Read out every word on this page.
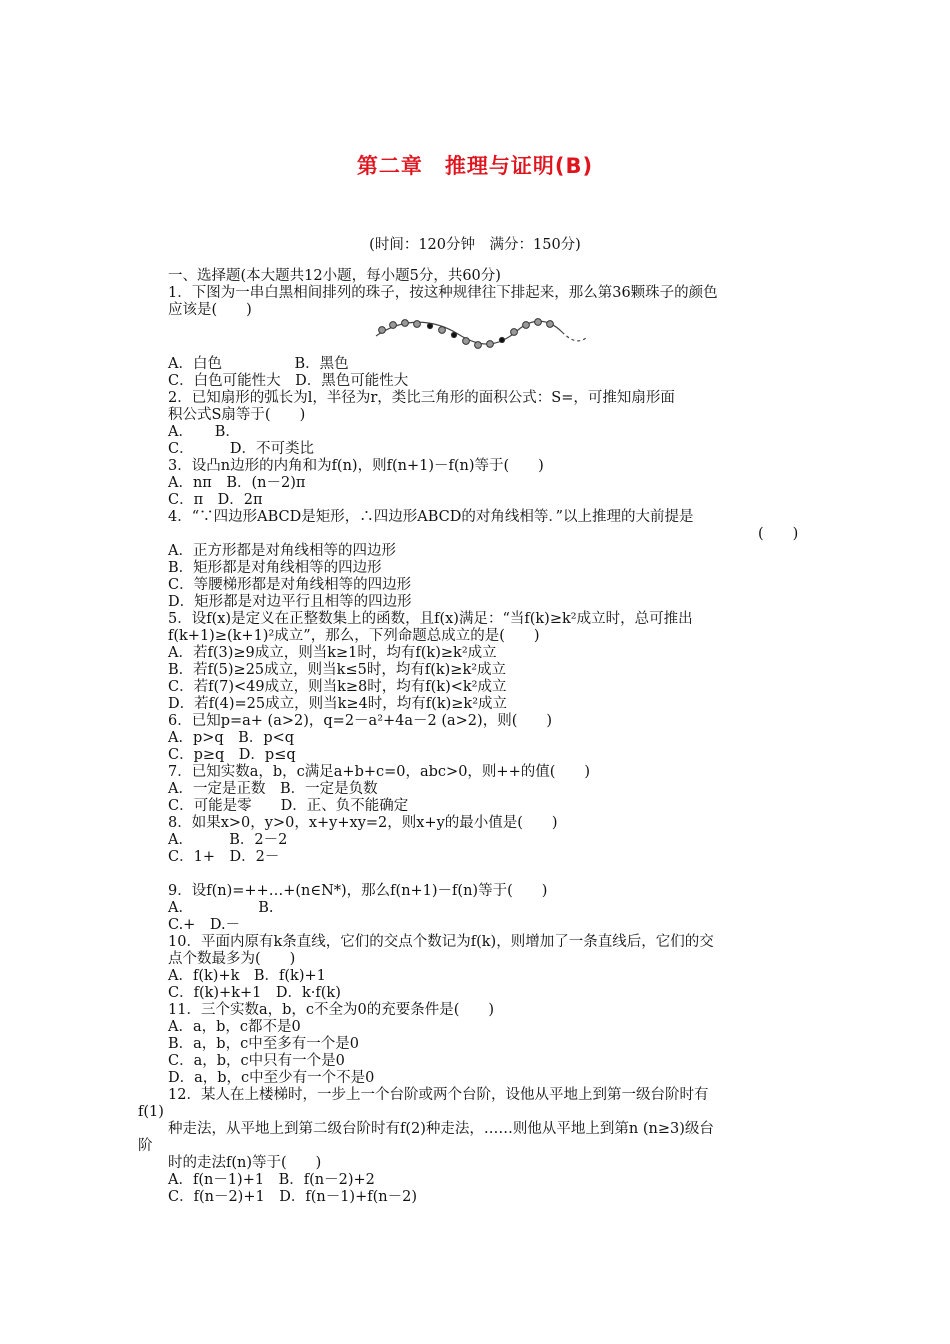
第二章　推理与证明(B)
(时间：120分钟　满分：150分)
一、选择题(本大题共12小题，每小题5分，共60分)
1．下图为一串白黑相间排列的珠子，按这种规律往下排起来，那么第36颗珠子的颜色
应该是(　　)
A．白色　　　　　B．黑色
C．白色可能性大　D．黑色可能性大
2．已知扇形的弧长为l，半径为r，类比三角形的面积公式：S=，可推知扇形面
积公式S扇等于(　　)
A．　　B．
C．　　　D．不可类比
3．设凸n边形的内角和为f(n)，则f(n+1)－f(n)等于(　　)
A．nπ　B．(n－2)π
C．π　D．2π
4．“∵四边形ABCD是矩形，∴四边形ABCD的对角线相等．”以上推理的大前提是
(　　)
A．正方形都是对角线相等的四边形
B．矩形都是对角线相等的四边形
C．等腰梯形都是对角线相等的四边形
D．矩形都是对边平行且相等的四边形
5．设f(x)是定义在正整数集上的函数，且f(x)满足：“当f(k)≥k²成立时，总可推出
f(k+1)≥(k+1)²成立”，那么，下列命题总成立的是(　　)
A．若f(3)≥9成立，则当k≥1时，均有f(k)≥k²成立
B．若f(5)≥25成立，则当k≤5时，均有f(k)≥k²成立
C．若f(7)<49成立，则当k≥8时，均有f(k)<k²成立
D．若f(4)=25成立，则当k≥4时，均有f(k)≥k²成立
6．已知p=a+ (a>2)，q=2－a²+4a－2 (a>2)，则(　　)
A．p>q　B．p<q
C．p≥q　D．p≤q
7．已知实数a，b，c满足a+b+c=0，abc>0，则++的值(　　)
A．一定是正数　B．一定是负数
C．可能是零　　D．正、负不能确定
8．如果x>0，y>0，x+y+xy=2，则x+y的最小值是(　　)
A．　　　B．2－2
C．1+　D．2－
9．设f(n)=++…+(n∈N*)，那么f(n+1)－f(n)等于(　　)
A．　　　　　B.
C.+　D.－
10．平面内原有k条直线，它们的交点个数记为f(k)，则增加了一条直线后，它们的交
点个数最多为(　　)
A．f(k)+k　B．f(k)+1
C．f(k)+k+1　D．k·f(k)
11．三个实数a，b，c不全为0的充要条件是(　　)
A．a，b，c都不是0
B．a，b，c中至多有一个是0
C．a，b，c中只有一个是0
D．a，b，c中至少有一个不是0
12．某人在上楼梯时，一步上一个台阶或两个台阶，设他从平地上到第一级台阶时有
f(1)
种走法，从平地上到第二级台阶时有f(2)种走法，……则他从平地上到第n (n≥3)级台
阶
时的走法f(n)等于(　　)
A．f(n－1)+1　B．f(n－2)+2
C．f(n－2)+1　D．f(n－1)+f(n－2)
